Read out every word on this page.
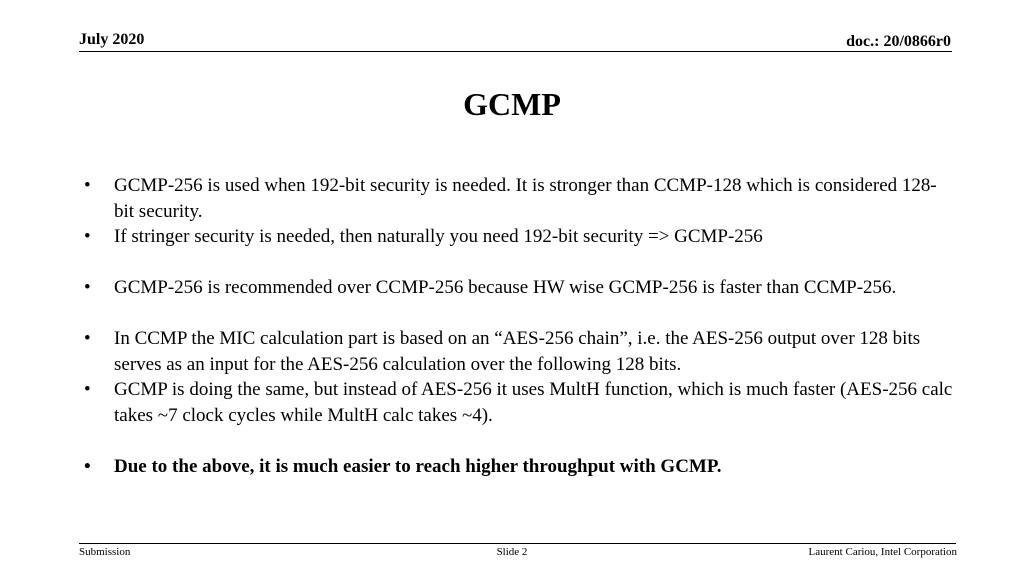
July 2020	doc.: 20/0866r0
GCMP
• GCMP-256 is used when 192-bit security is needed. It is stronger than CCMP-128 which is considered 128-bit security.
• If stringer security is needed, then naturally you need 192-bit security => GCMP-256
• GCMP-256 is recommended over CCMP-256 because HW wise GCMP-256 is faster than CCMP-256.
• In CCMP the MIC calculation part is based on an “AES-256 chain”, i.e. the AES-256 output over 128 bits serves as an input for the AES-256 calculation over the following 128 bits.
• GCMP is doing the same, but instead of AES-256 it uses MultH function, which is much faster (AES-256 calc takes ~7 clock cycles while MultH calc takes ~4).
• Due to the above, it is much easier to reach higher throughput with GCMP.
Submission	Slide 2	Laurent Cariou, Intel Corporation
